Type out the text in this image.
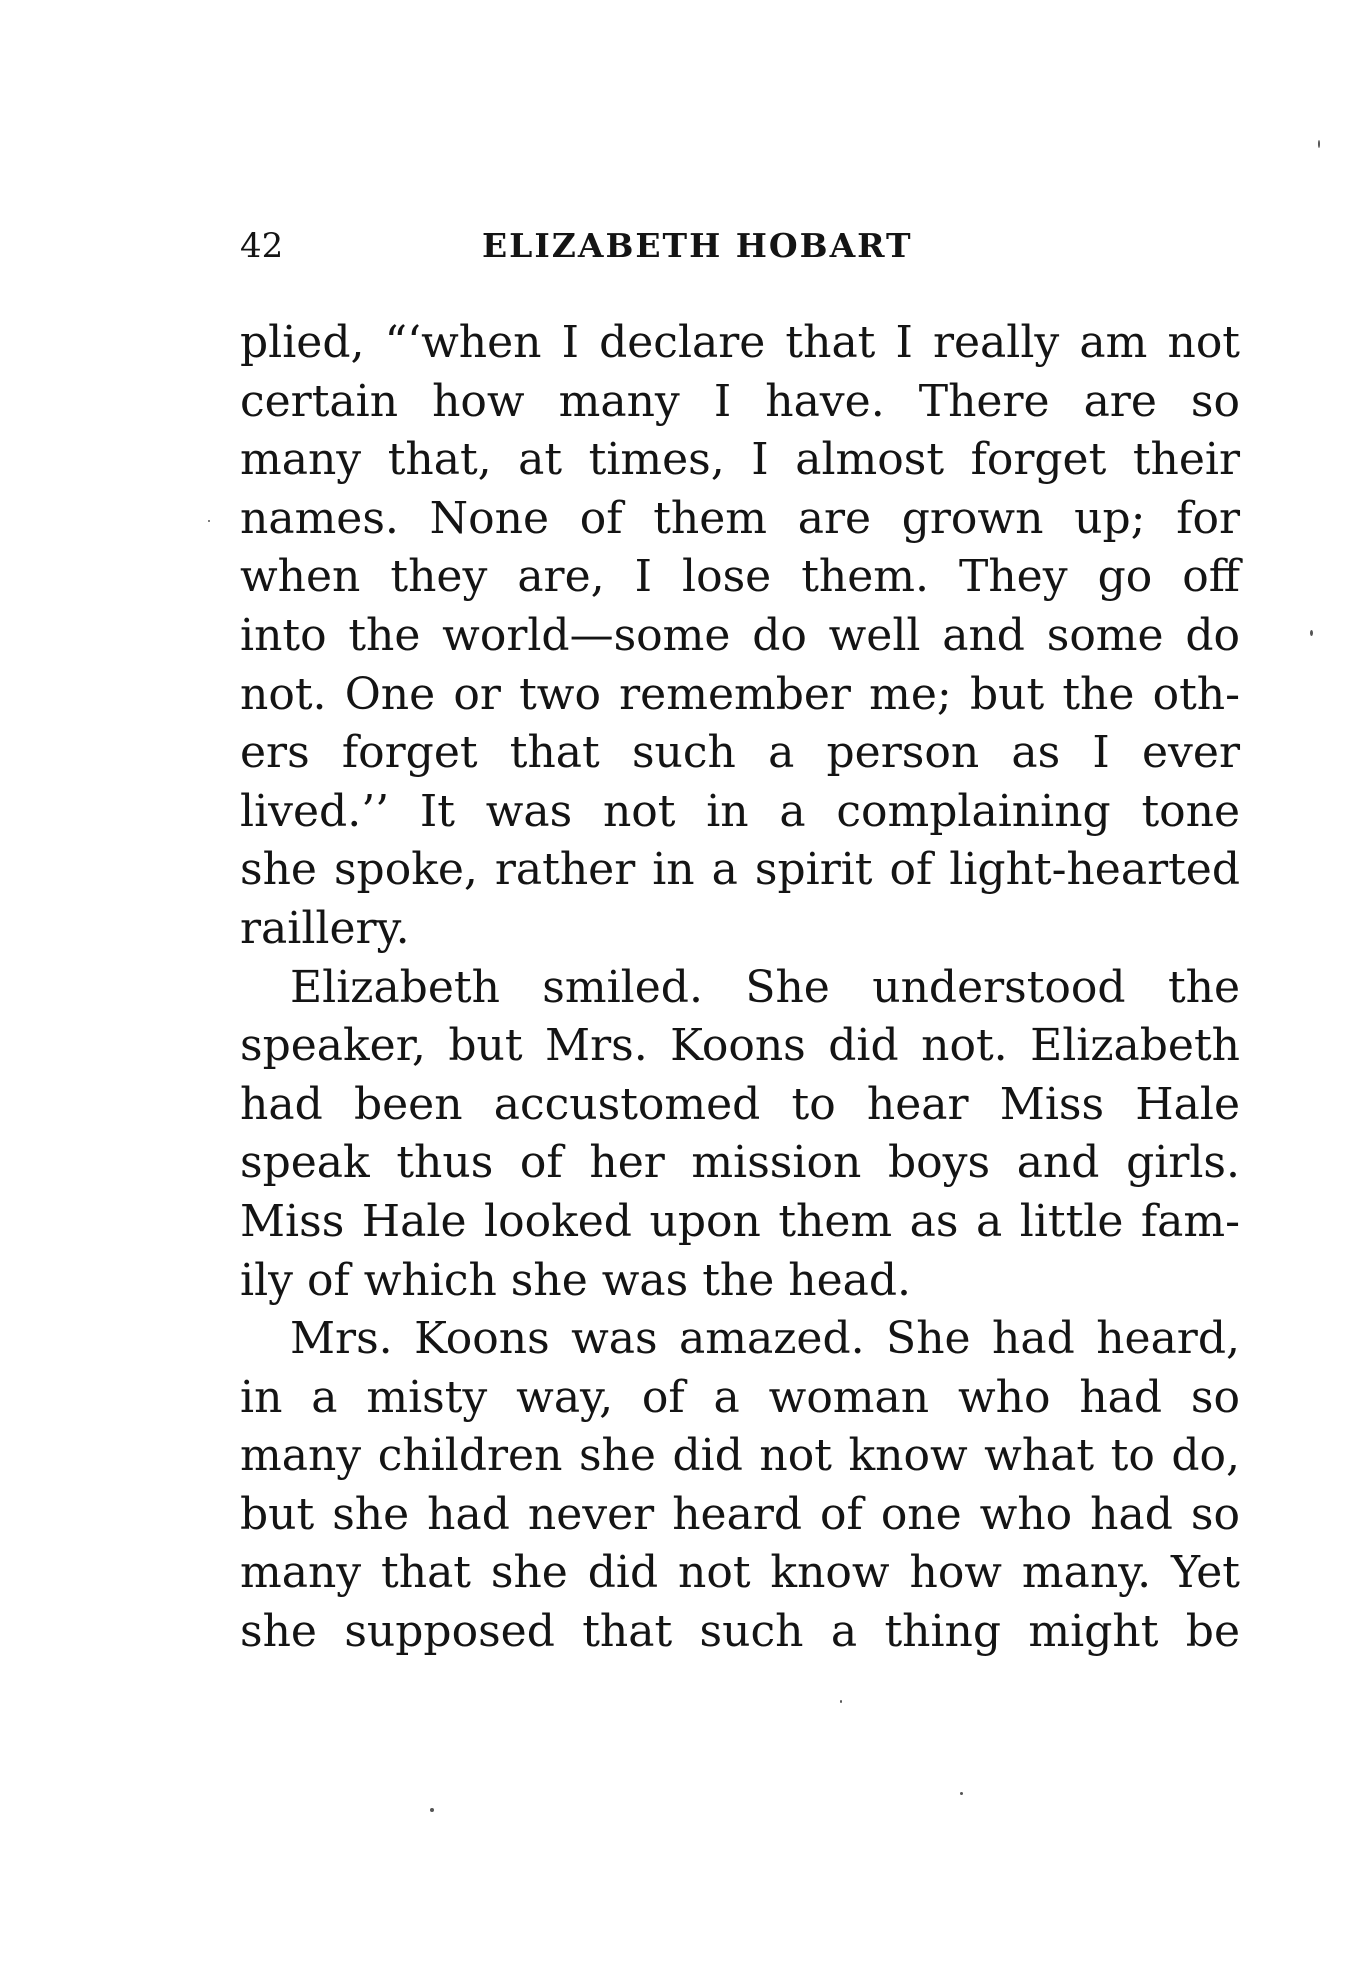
42	ELIZABETH HOBART
plied, “‘when I declare that I really am not
certain how many I have. There are so
many that, at times, I almost forget their
names. None of them are grown up; for
when they are, I lose them. They go off
into the world—some do well and some do
not. One or two remember me; but the oth-
ers forget that such a person as I ever
lived.’’ It was not in a complaining tone
she spoke, rather in a spirit of light-hearted
raillery.
Elizabeth smiled. She understood the
speaker, but Mrs. Koons did not. Elizabeth
had been accustomed to hear Miss Hale
speak thus of her mission boys and girls.
Miss Hale looked upon them as a little fam-
ily of which she was the head.
Mrs. Koons was amazed. She had heard,
in a misty way, of a woman who had so
many children she did not know what to do,
but she had never heard of one who had so
many that she did not know how many. Yet
she supposed that such a thing might be
